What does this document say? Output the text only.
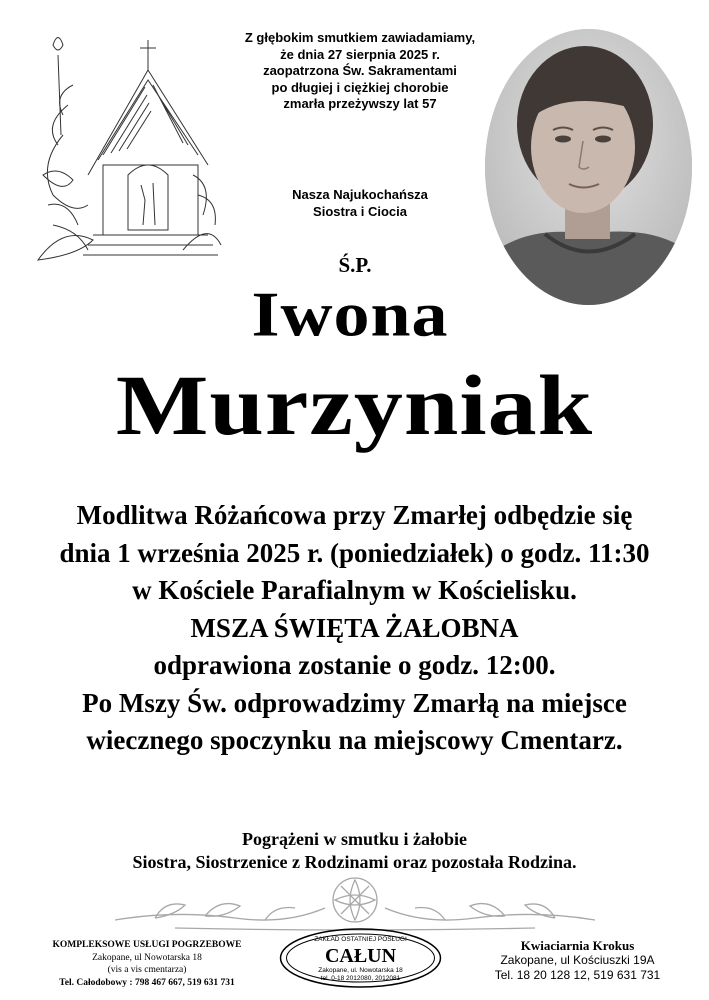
Z głębokim smutkiem zawiadamiamy,
że dnia 27 sierpnia 2025 r.
zaopatrzona Św. Sakramentami
po długiej i ciężkiej chorobie
zmarła przeżywszy lat 57
Nasza Najukochańsza
Siostra i Ciocia
Ś.P.
Iwona
Murzyniak
Modlitwa Różańcowa przy Zmarłej odbędzie się
dnia 1 września 2025 r. (poniedziałek) o godz. 11:30
w Kościele Parafialnym w Kościelisku.
MSZA ŚWIĘTA ŻAŁOBNA
odprawiona zostanie o godz. 12:00.
Po Mszy Św. odprowadzimy Zmarłą na miejsce
wiecznego spoczynku na miejscowy Cmentarz.
Pogrążeni w smutku i żałobie
Siostra, Siostrzenice z Rodzinami oraz pozostała Rodzina.
KOMPLEKSOWE USŁUGI POGRZEBOWE
Zakopane, ul Nowotarska 18
(vis a vis cmentarza)
Tel. Całodobowy : 798 467 667, 519 631 731
ZAKŁAD OSTATNIEJ POSŁUGI
CAŁUN
Zakopane, ul. Nowotarska 18
tel. 0-18 2012080, 2012081
Kwiaciarnia Krokus
Zakopane, ul Kościuszki 19A
Tel. 18 20 128 12, 519 631 731
